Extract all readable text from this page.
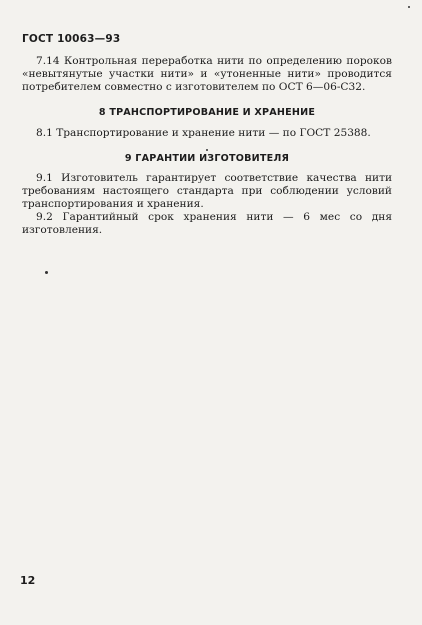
ГОСТ 10063—93
7.14 Контрольная переработка нити по определению пороков «невытянутые участки нити» и «утоненные нити» проводится потребителем совместно с изготовителем по ОСТ 6—06-С32.
8 ТРАНСПОРТИРОВАНИЕ И ХРАНЕНИЕ
8.1 Транспортирование и хранение нити — по ГОСТ 25388.
9 ГАРАНТИИ ИЗГОТОВИТЕЛЯ
9.1 Изготовитель гарантирует соответствие качества нити требованиям настоящего стандарта при соблюдении условий транспортирования и хранения.
9.2 Гарантийный срок хранения нити — 6 мес со дня изготовления.
12
